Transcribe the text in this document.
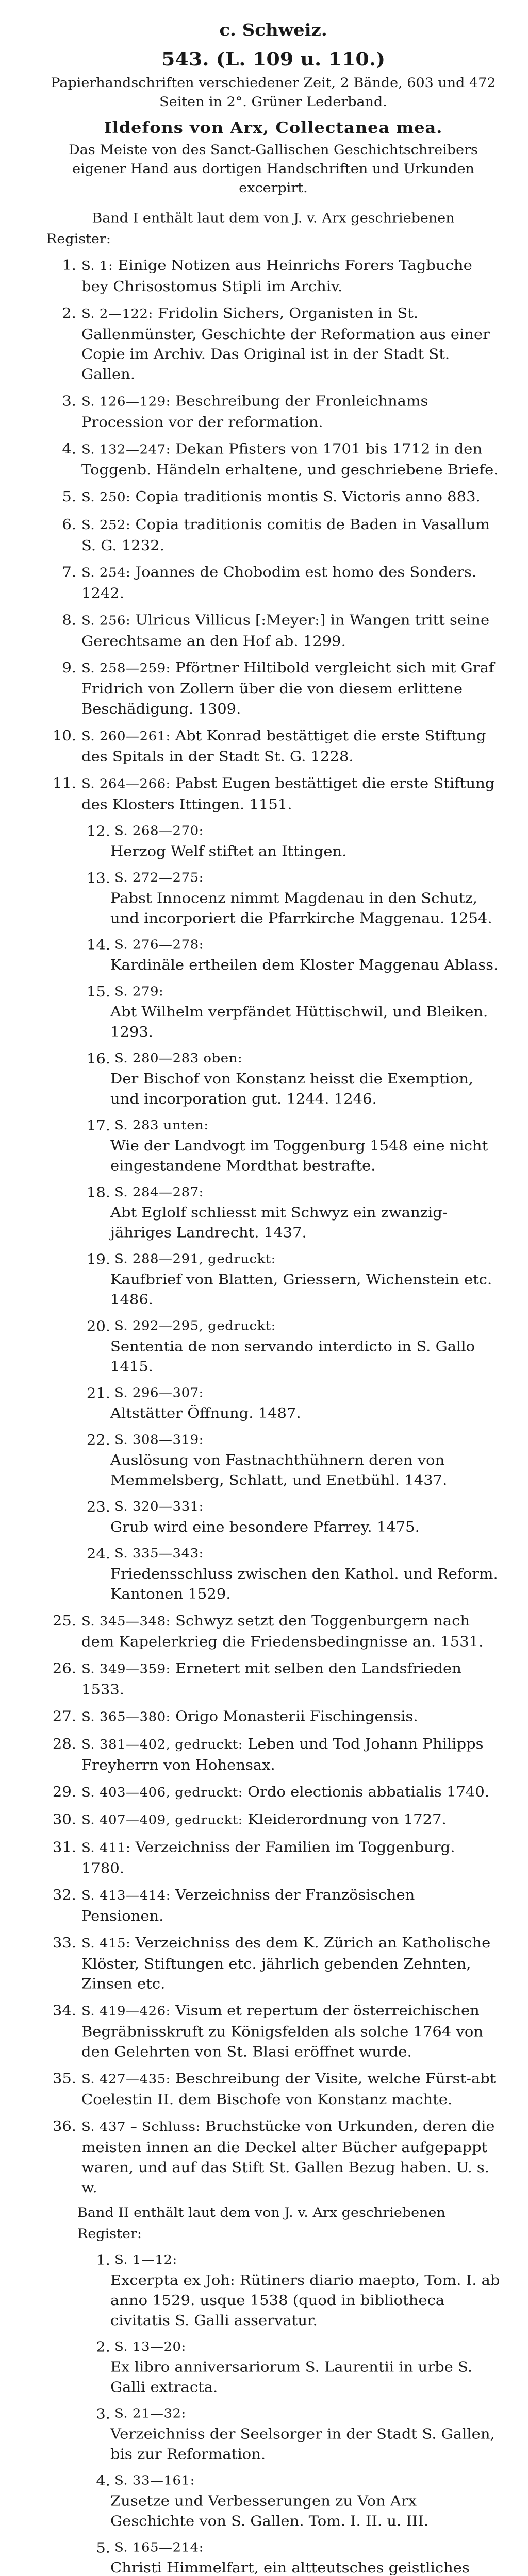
c. Schweiz.
543. (L. 109 u. 110.)
Papierhandschriften verschiedener Zeit, 2 Bände, 603 und 472 Seiten in 2°. Grüner Lederband.
Ildefons von Arx, Collectanea mea.
Das Meiste von des Sanct-Gallischen Geschichtschreibers eigener Hand aus dortigen Handschriften und Urkunden excerpirt.
Band I enthält laut dem von J. v. Arx geschriebenen
Register:
1. S. 1: Einige Notizen aus Heinrichs Forers Tagbuche bey Chrisostomus Stipli im Archiv.
2. S. 2—122: Fridolin Sichers, Organisten in St. Gallenmünster, Geschichte der Reformation aus einer Copie im Archiv. Das Original ist in der Stadt St. Gallen.
3. S. 126—129: Beschreibung der Fronleichnams Procession vor der reformation.
4. S. 132—247: Dekan Pfisters von 1701 bis 1712 in den Toggenb. Händeln erhaltene, und geschriebene Briefe.
5. S. 250: Copia traditionis montis S. Victoris anno 883.
6. S. 252: Copia traditionis comitis de Baden in Vasallum S. G. 1232.
7. S. 254: Joannes de Chobodim est homo des Sonders. 1242.
8. S. 256: Ulricus Villicus [:Meyer:] in Wangen tritt seine Gerechtsame an den Hof ab. 1299.
9. S. 258—259: Pförtner Hiltibold vergleicht sich mit Graf Fridrich von Zollern über die von diesem erlittene Beschädigung. 1309.
10. S. 260—261: Abt Konrad bestättiget die erste Stiftung des Spitals in der Stadt St. G. 1228.
11. S. 264—266: Pabst Eugen bestättiget die erste Stiftung des Klosters Ittingen. 1151.
12. S. 268—270:
Herzog Welf stiftet an Ittingen.
13. S. 272—275:
Pabst Innocenz nimmt Magdenau in den Schutz, und incorporiert die Pfarrkirche Maggenau. 1254.
14. S. 276—278:
Kardinäle ertheilen dem Kloster Maggenau Ablass.
15. S. 279:
Abt Wilhelm verpfändet Hüttischwil, und Bleiken. 1293.
16. S. 280—283 oben:
Der Bischof von Konstanz heisst die Exemption, und incorporation gut. 1244. 1246.
17. S. 283 unten:
Wie der Landvogt im Toggenburg 1548 eine nicht eingestandene Mordthat bestrafte.
18. S. 284—287:
Abt Eglolf schliesst mit Schwyz ein zwanzig-jähriges Landrecht. 1437.
19. S. 288—291, gedruckt:
Kaufbrief von Blatten, Griessern, Wichenstein etc. 1486.
20. S. 292—295, gedruckt:
Sententia de non servando interdicto in S. Gallo 1415.
21. S. 296—307:
Altstätter Öffnung. 1487.
22. S. 308—319:
Auslösung von Fastnachthühnern deren von Memmelsberg, Schlatt, und Enetbühl. 1437.
23. S. 320—331:
Grub wird eine besondere Pfarrey. 1475.
24. S. 335—343:
Friedensschluss zwischen den Kathol. und Reform. Kantonen 1529.
25. S. 345—348: Schwyz setzt den Toggenburgern nach dem Kapelerkrieg die Friedensbedingnisse an. 1531.
26. S. 349—359: Ernetert mit selben den Landsfrieden 1533.
27. S. 365—380: Origo Monasterii Fischingensis.
28. S. 381—402, gedruckt: Leben und Tod Johann Philipps Freyherrn von Hohensax.
29. S. 403—406, gedruckt: Ordo electionis abbatialis 1740.
30. S. 407—409, gedruckt: Kleiderordnung von 1727.
31. S. 411: Verzeichniss der Familien im Toggenburg. 1780.
32. S. 413—414: Verzeichniss der Französischen Pensionen.
33. S. 415: Verzeichniss des dem K. Zürich an Katholische Klöster, Stiftungen etc. jährlich gebenden Zehnten, Zinsen etc.
34. S. 419—426: Visum et repertum der österreichischen Begräbnisskruft zu Königsfelden als solche 1764 von den Gelehrten von St. Blasi eröffnet wurde.
35. S. 427—435: Beschreibung der Visite, welche Fürst-abt Coelestin II. dem Bischofe von Konstanz machte.
36. S. 437 – Schluss: Bruchstücke von Urkunden, deren die meisten innen an die Deckel alter Bücher aufgepappt waren, und auf das Stift St. Gallen Bezug haben. U. s. w.
Band II enthält laut dem von J. v. Arx geschriebenen
Register:
1. S. 1—12:
Excerpta ex Joh: Rütiners diario maepto, Tom. I. ab anno 1529. usque 1538 (quod in bibliotheca civitatis S. Galli asservatur.
2. S. 13—20:
Ex libro anniversariorum S. Laurentii in urbe S. Galli extracta.
3. S. 21—32:
Verzeichniss der Seelsorger in der Stadt S. Gallen, bis zur Reformation.
4. S. 33—161:
Zusetze und Verbesserungen zu Von Arx Geschichte von S. Gallen. Tom. I. II. u. III.
5. S. 165—214:
Christi Himmelfart, ein altteutsches geistliches
